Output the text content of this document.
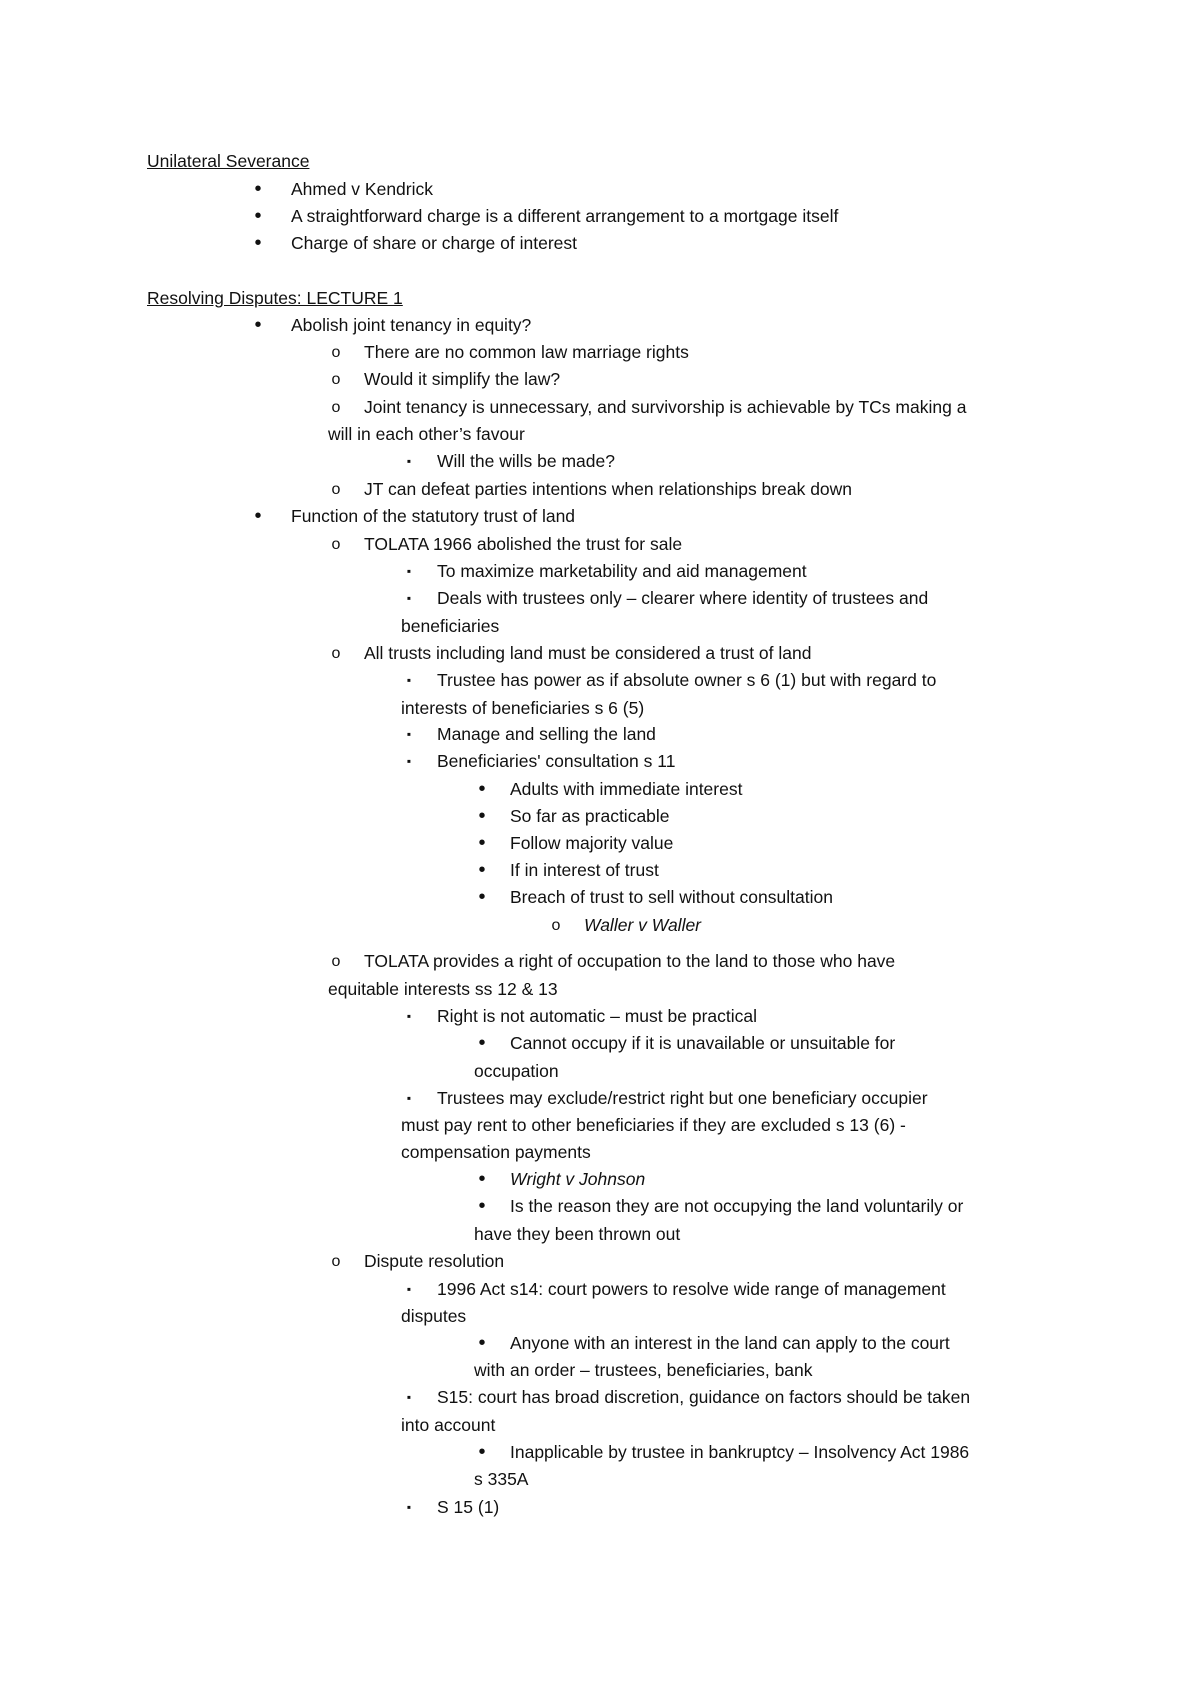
Unilateral Severance
• Ahmed v Kendrick
• A straightforward charge is a different arrangement to a mortgage itself
• Charge of share or charge of interest
Resolving Disputes: LECTURE 1
• Abolish joint tenancy in equity?
o There are no common law marriage rights
o Would it simplify the law?
o Joint tenancy is unnecessary, and survivorship is achievable by TCs making a
will in each other’s favour
▪	Will the wills be made?
o JT can defeat parties intentions when relationships break down
• Function of the statutory trust of land
o TOLATA 1966 abolished the trust for sale
▪	To maximize marketability and aid management
▪	Deals with trustees only – clearer where identity of trustees and
beneficiaries
o All trusts including land must be considered a trust of land
▪	Trustee has power as if absolute owner s 6 (1) but with regard to
interests of beneficiaries s 6 (5)
▪	Manage and selling the land
▪	Beneficiaries' consultation s 11
• Adults with immediate interest
• So far as practicable
• Follow majority value
• If in interest of trust
• Breach of trust to sell without consultation
o Waller v Waller
o TOLATA provides a right of occupation to the land to those who have
equitable interests ss 12 & 13
▪	Right is not automatic – must be practical
• Cannot occupy if it is unavailable or unsuitable for
occupation
▪	Trustees may exclude/restrict right but one beneficiary occupier
must pay rent to other beneficiaries if they are excluded s 13 (6) -
compensation payments
• Wright v Johnson
• Is the reason they are not occupying the land voluntarily or
have they been thrown out
o Dispute resolution
▪	1996 Act s14: court powers to resolve wide range of management
disputes
• Anyone with an interest in the land can apply to the court
with an order – trustees, beneficiaries, bank
▪	S15: court has broad discretion, guidance on factors should be taken
into account
• Inapplicable by trustee in bankruptcy – Insolvency Act 1986
s 335A
▪	S 15 (1)
